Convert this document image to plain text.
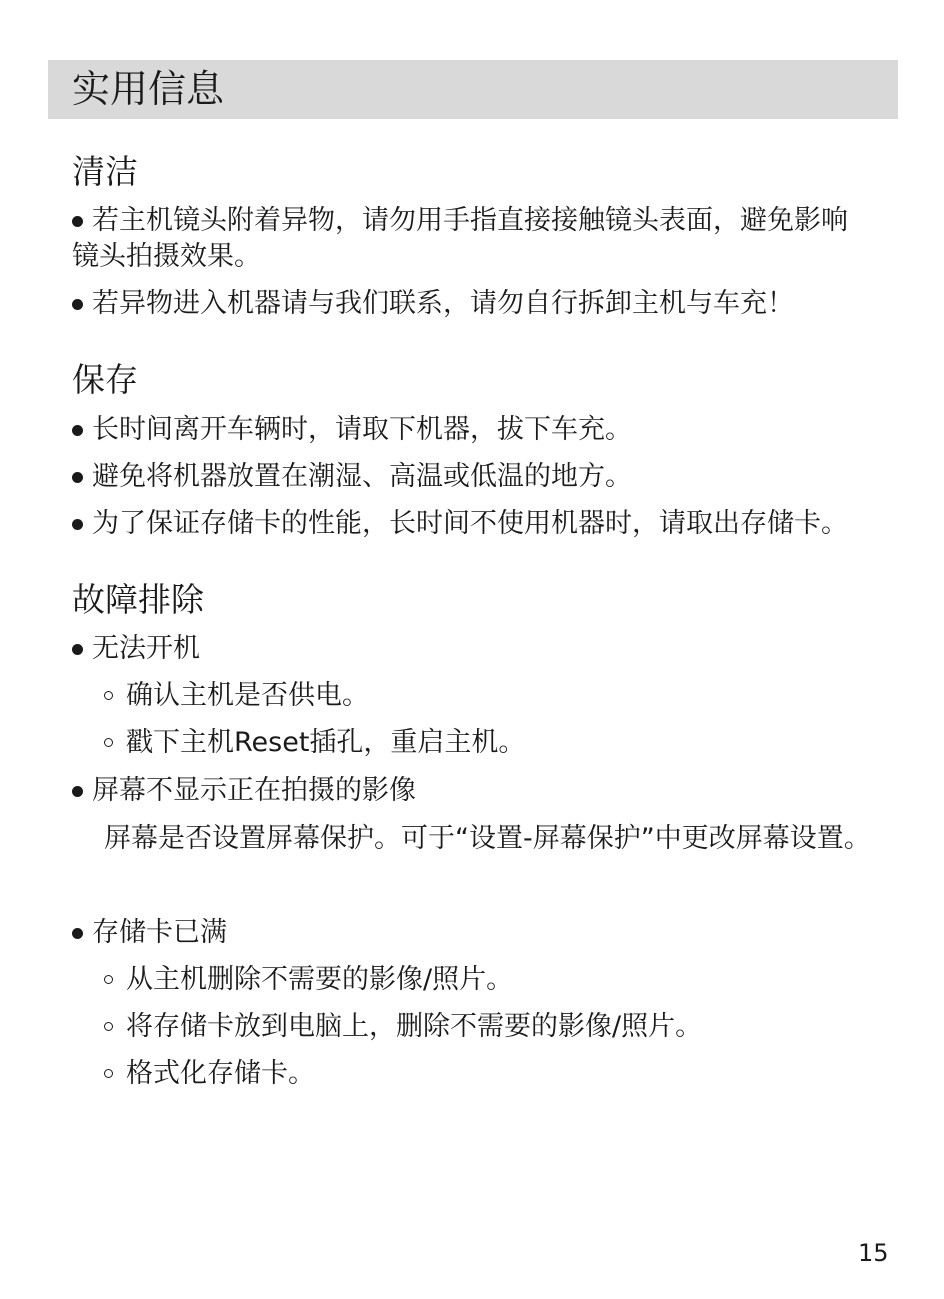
实用信息
清洁
若主机镜头附着异物，请勿用手指直接接触镜头表面，避免影响镜头拍摄效果。
若异物进入机器请与我们联系，请勿自行拆卸主机与车充！
保存
长时间离开车辆时，请取下机器，拔下车充。
避免将机器放置在潮湿、高温或低温的地方。
为了保证存储卡的性能，长时间不使用机器时，请取出存储卡。
故障排除
无法开机
确认主机是否供电。
戳下主机Reset插孔，重启主机。
屏幕不显示正在拍摄的影像
屏幕是否设置屏幕保护。可于“设置-屏幕保护”中更改屏幕设置。
存储卡已满
从主机删除不需要的影像/照片。
将存储卡放到电脑上，删除不需要的影像/照片。
格式化存储卡。
15
